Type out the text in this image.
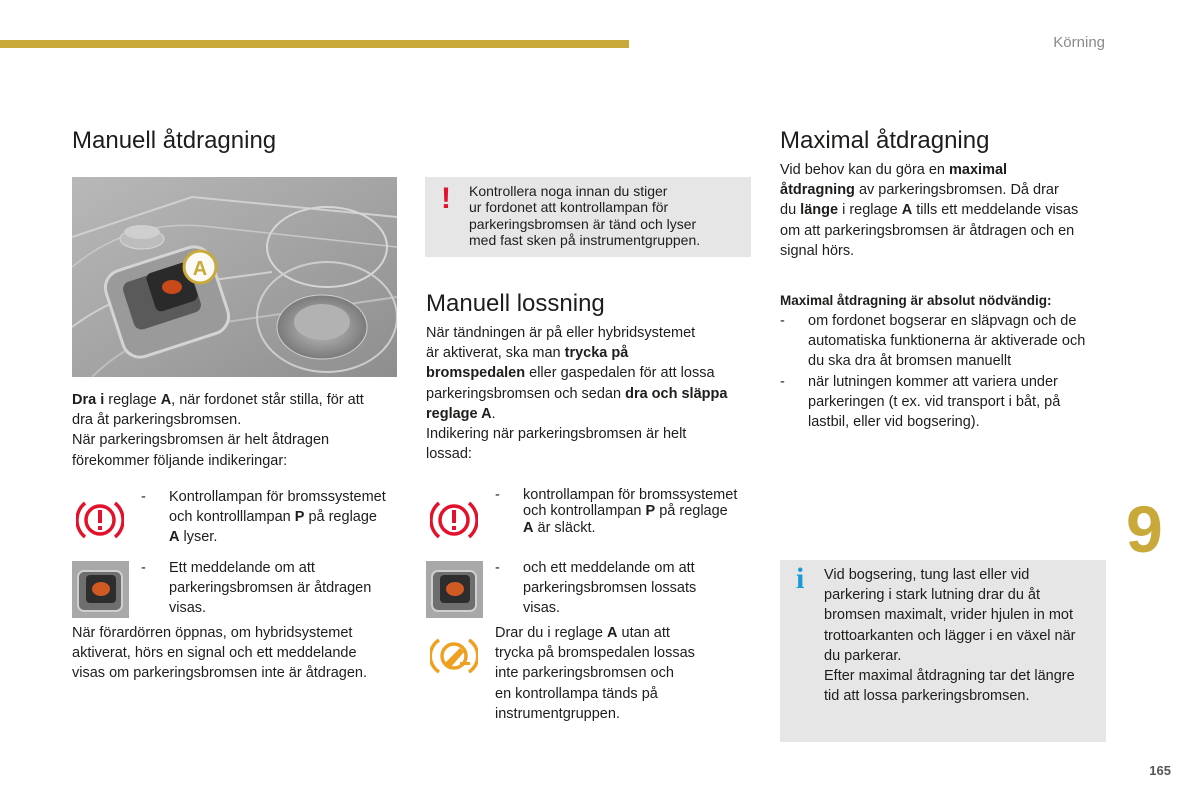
Körning
Manuell åtdragning
A
Dra i reglage A, när fordonet står stilla, för att
dra åt parkeringsbromsen.
När parkeringsbromsen är helt åtdragen
förekommer följande indikeringar:
- Kontrollampan för bromssystemet
och kontrolllampan P på reglage
A lyser.
- Ett meddelande om att
parkeringsbromsen är åtdragen
visas.
När förardörren öppnas, om hybridsystemet
aktiverat, hörs en signal och ett meddelande
visas om parkeringsbromsen inte är åtdragen.
! Kontrollera noga innan du stiger
ur fordonet att kontrollampan för
parkeringsbromsen är tänd och lyser
med fast sken på instrumentgruppen.
Manuell lossning
När tändningen är på eller hybridsystemet
är aktiverat, ska man trycka på
bromspedalen eller gaspedalen för att lossa
parkeringsbromsen och sedan dra och släppa
reglage A.
Indikering när parkeringsbromsen är helt
lossad:
- kontrollampan för bromssystemet
och kontrollampan P på reglage
A är släckt.
- och ett meddelande om att
parkeringsbromsen lossats
visas.
Drar du i reglage A utan att
trycka på bromspedalen lossas
inte parkeringsbromsen och
en kontrollampa tänds på
instrumentgruppen.
Maximal åtdragning
Vid behov kan du göra en maximal
åtdragning av parkeringsbromsen. Då drar
du länge i reglage A tills ett meddelande visas
om att parkeringsbromsen är åtdragen och en
signal hörs.
Maximal åtdragning är absolut nödvändig:
- om fordonet bogserar en släpvagn och de
automatiska funktionerna är aktiverade och
du ska dra åt bromsen manuellt
- när lutningen kommer att variera under
parkeringen (t ex. vid transport i båt, på
lastbil, eller vid bogsering).
i Vid bogsering, tung last eller vid
parkering i stark lutning drar du åt
bromsen maximalt, vrider hjulen in mot
trottoarkanten och lägger i en växel när
du parkerar.
Efter maximal åtdragning tar det längre
tid att lossa parkeringsbromsen.
9
165
